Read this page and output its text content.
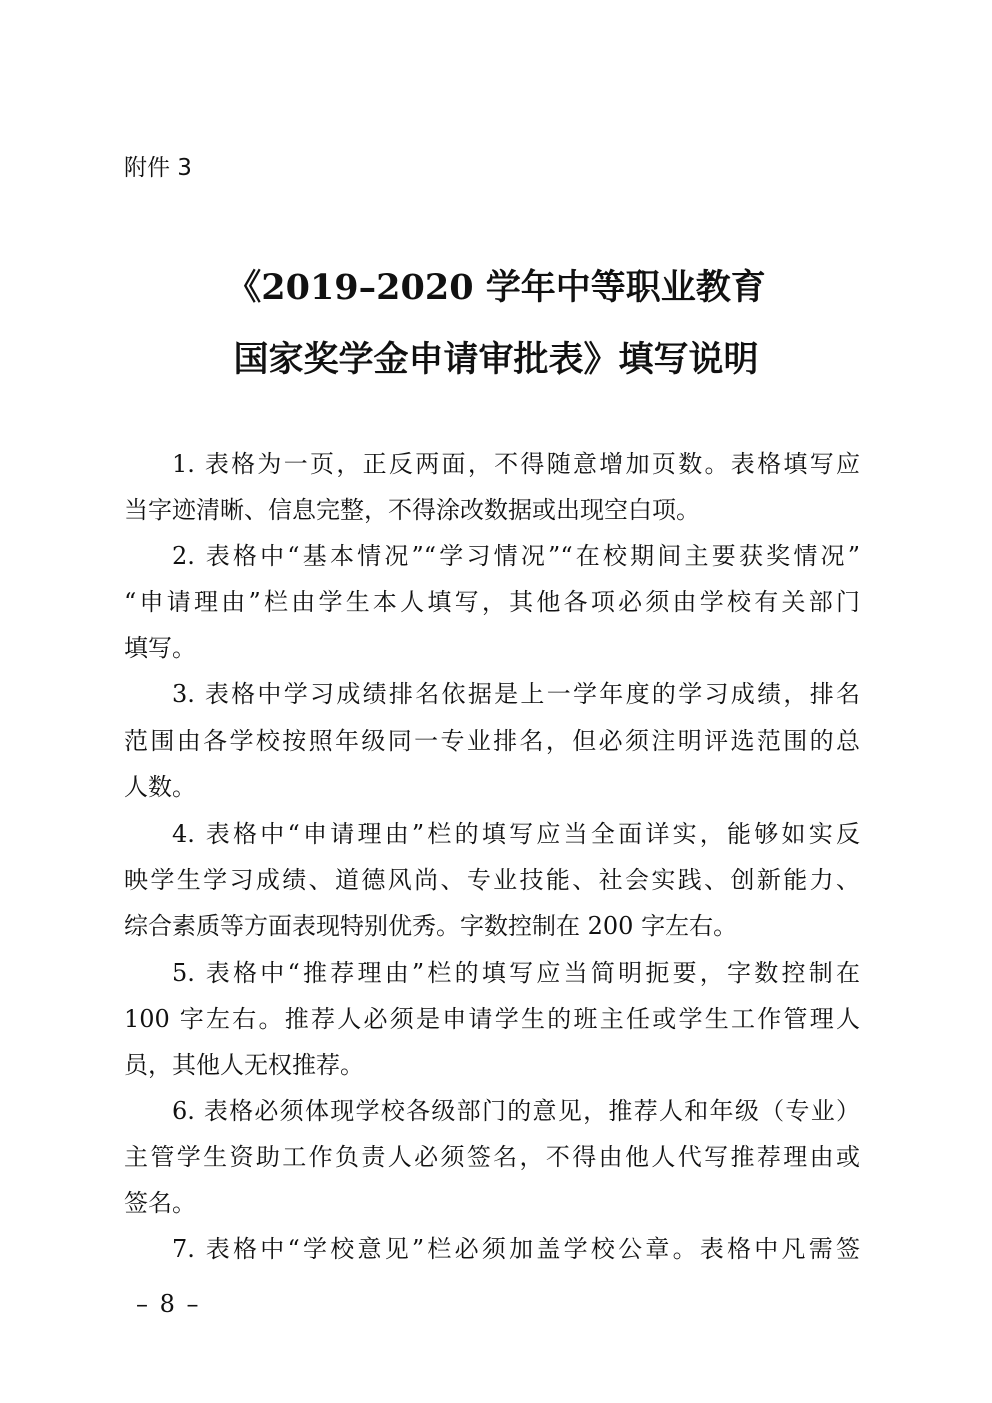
附件 3
《2019–2020 学年中等职业教育
国家奖学金申请审批表》填写说明
1. 表格为一页，正反两面，不得随意增加页数。表格填写应
当字迹清晰、信息完整，不得涂改数据或出现空白项。
2. 表格中“基本情况”“学习情况”“在校期间主要获奖情况”
“申请理由”栏由学生本人填写，其他各项必须由学校有关部门
填写。
3. 表格中学习成绩排名依据是上一学年度的学习成绩，排名
范围由各学校按照年级同一专业排名，但必须注明评选范围的总
人数。
4. 表格中“申请理由”栏的填写应当全面详实，能够如实反
映学生学习成绩、道德风尚、专业技能、社会实践、创新能力、
综合素质等方面表现特别优秀。字数控制在 200 字左右。
5. 表格中“推荐理由”栏的填写应当简明扼要，字数控制在
100 字左右。推荐人必须是申请学生的班主任或学生工作管理人
员，其他人无权推荐。
6. 表格必须体现学校各级部门的意见，推荐人和年级（专业）
主管学生资助工作负责人必须签名，不得由他人代写推荐理由或
签名。
7. 表格中“学校意见”栏必须加盖学校公章。表格中凡需签
– 8 –
